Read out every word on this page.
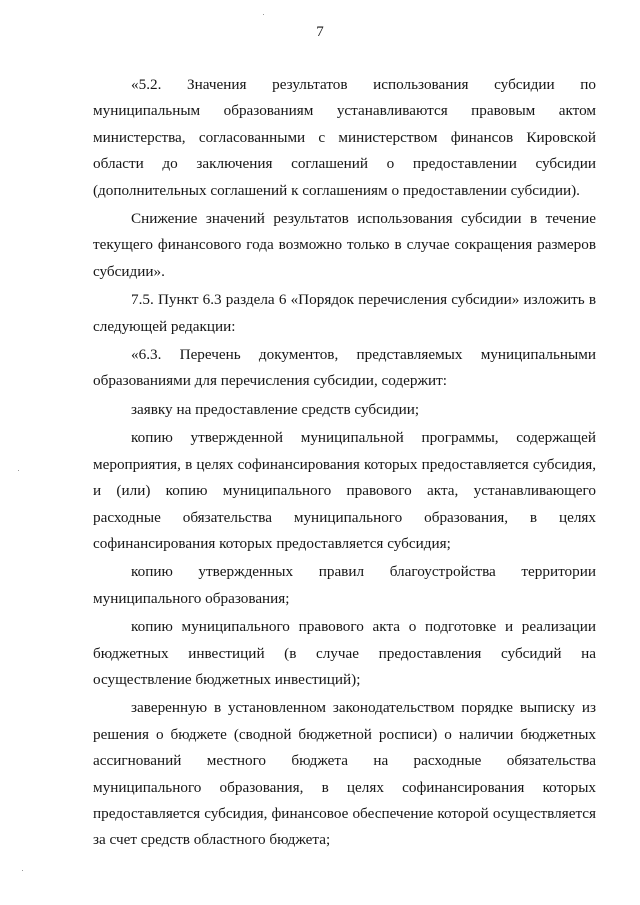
7

«5.2. Значения результатов использования субсидии по
муниципальным образованиям устанавливаются правовым актом
министерства, согласованными с министерством финансов Кировской
области до заключения соглашений о предоставлении субсидии
(дополнительных соглашений к соглашениям о предоставлении субсидии).

Снижение значений результатов использования субсидии в течение
текущего финансового года возможно только в случае сокращения размеров
субсидии».

7.5. Пункт 6.3 раздела 6 «Порядок перечисления субсидии» изложить в
следующей редакции:

«6.3. Перечень документов, представляемых муниципальными
образованиями для перечисления субсидии, содержит:

заявку на предоставление средств субсидии;

копию утвержденной муниципальной программы, содержащей
мероприятия, в целях софинансирования которых предоставляется субсидия,
и (или) копию муниципального правового акта, устанавливающего
расходные обязательства муниципального образования, в целях
софинансирования которых предоставляется субсидия;

копию утвержденных правил благоустройства территории
муниципального образования;

копию муниципального правового акта о подготовке и реализации
бюджетных инвестиций (в случае предоставления субсидий на
осуществление бюджетных инвестиций);

заверенную в установленном законодательством порядке выписку из
решения о бюджете (сводной бюджетной росписи) о наличии бюджетных
ассигнований местного бюджета на расходные обязательства
муниципального образования, в целях софинансирования которых
предоставляется субсидия, финансовое обеспечение которой осуществляется
за счет средств областного бюджета;
